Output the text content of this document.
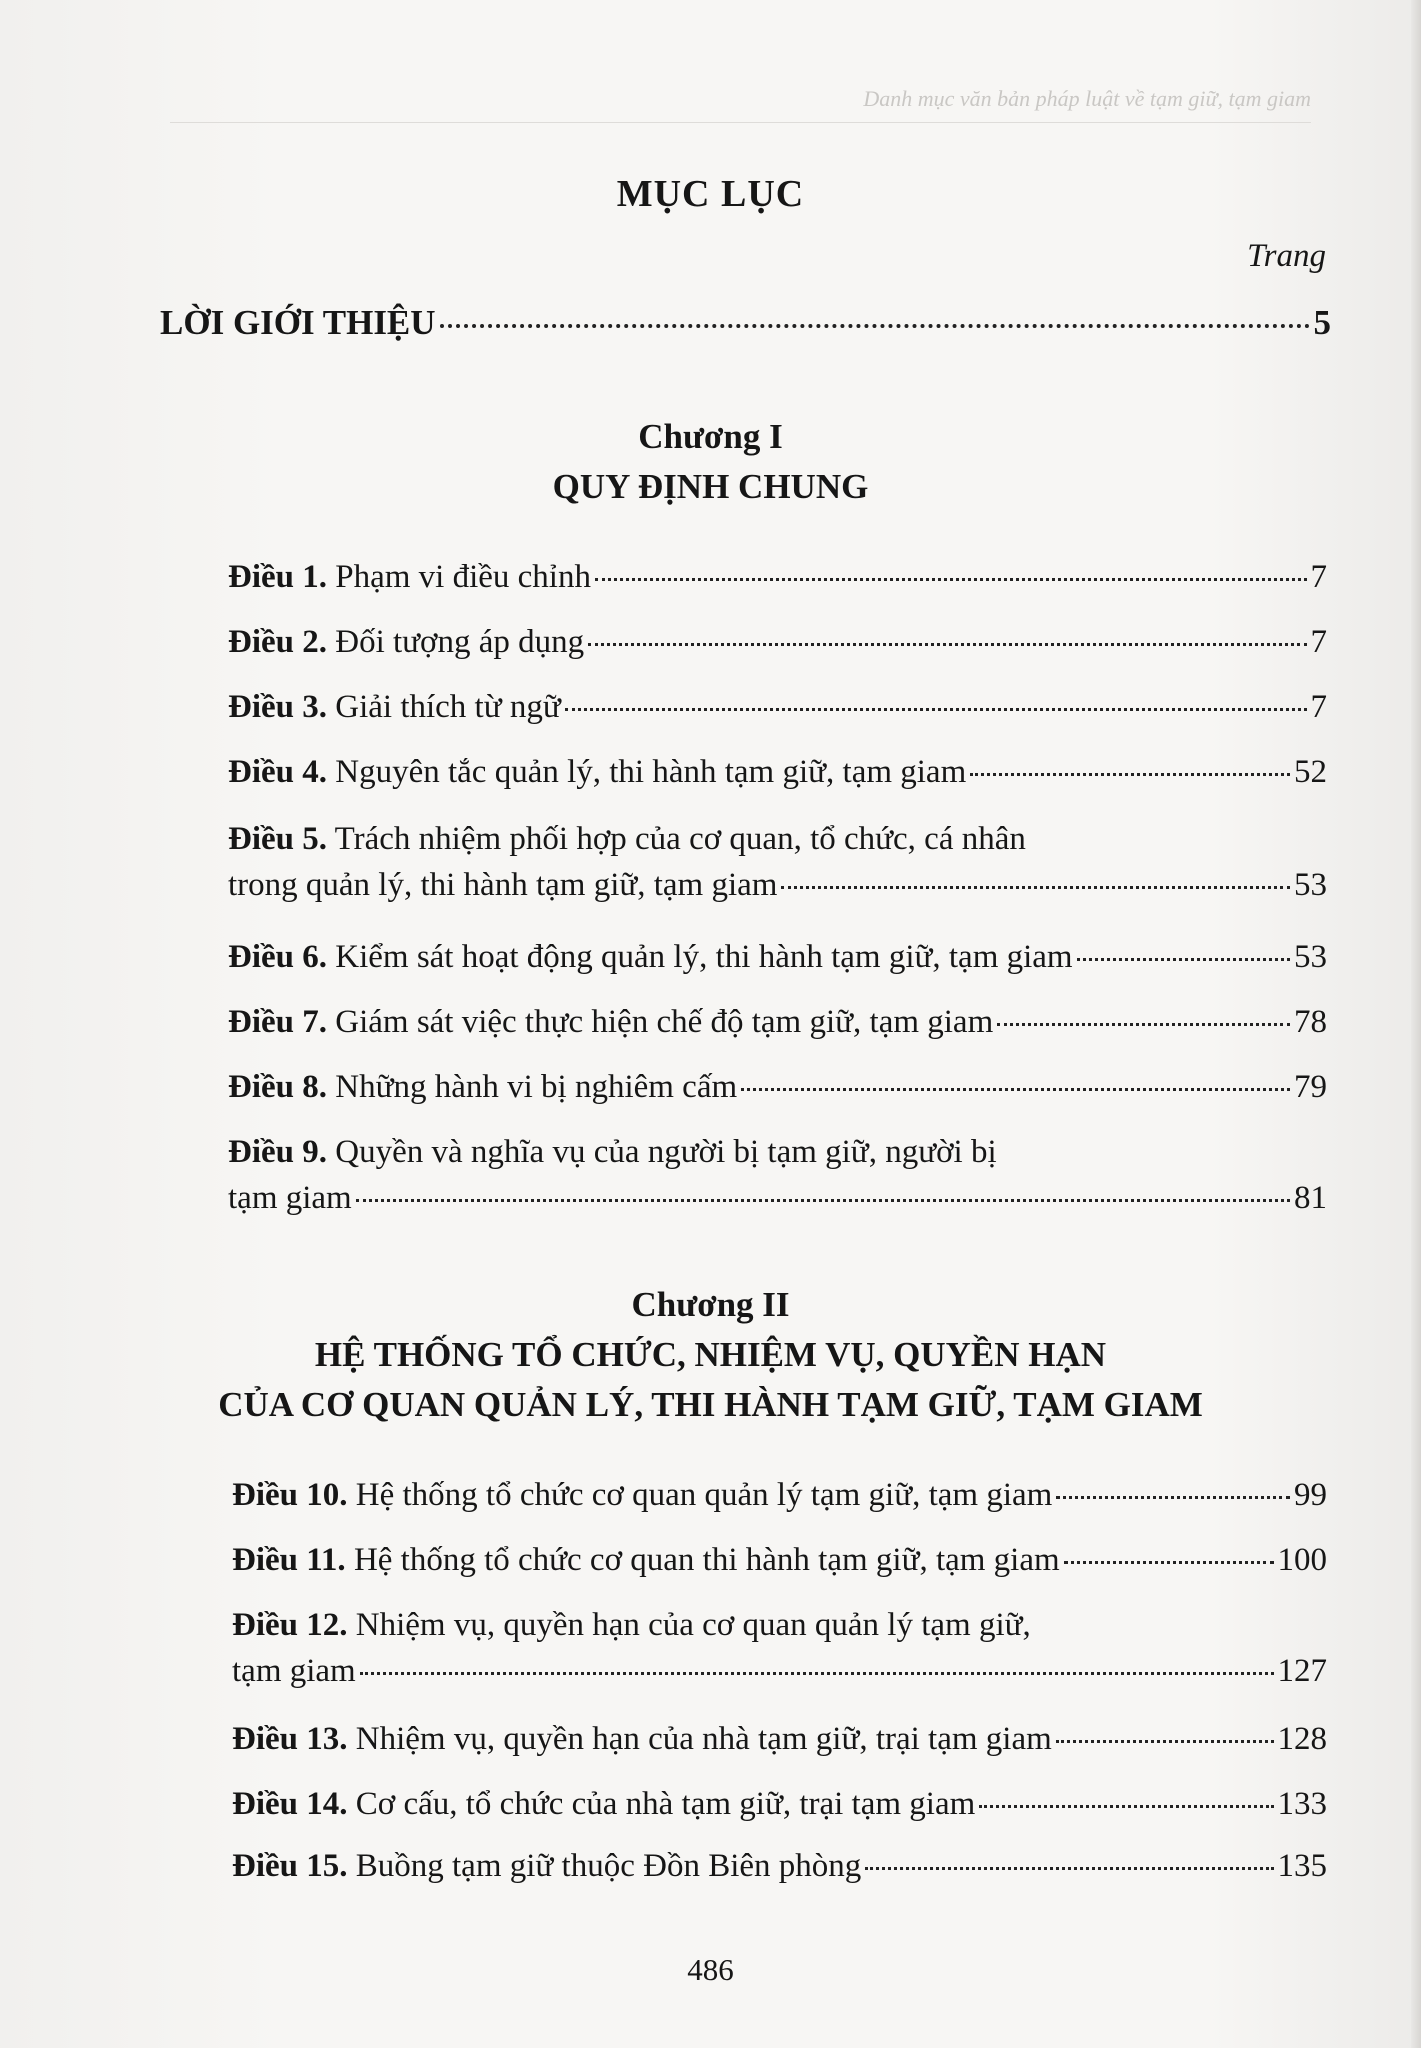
Danh mục văn bản pháp luật về tạm giữ, tạm giam
MỤC LỤC
Trang
LỜI GIỚI THIỆU	5
Chương I
QUY ĐỊNH CHUNG
Điều 1. Phạm vi điều chỉnh	7
Điều 2. Đối tượng áp dụng	7
Điều 3. Giải thích từ ngữ	7
Điều 4. Nguyên tắc quản lý, thi hành tạm giữ, tạm giam	52
Điều 5. Trách nhiệm phối hợp của cơ quan, tổ chức, cá nhân
trong quản lý, thi hành tạm giữ, tạm giam	53
Điều 6. Kiểm sát hoạt động quản lý, thi hành tạm giữ, tạm giam	53
Điều 7. Giám sát việc thực hiện chế độ tạm giữ, tạm giam	78
Điều 8. Những hành vi bị nghiêm cấm	79
Điều 9. Quyền và nghĩa vụ của người bị tạm giữ, người bị
tạm giam	81
Chương II
HỆ THỐNG TỔ CHỨC, NHIỆM VỤ, QUYỀN HẠN
CỦA CƠ QUAN QUẢN LÝ, THI HÀNH TẠM GIỮ, TẠM GIAM
Điều 10. Hệ thống tổ chức cơ quan quản lý tạm giữ, tạm giam	99
Điều 11. Hệ thống tổ chức cơ quan thi hành tạm giữ, tạm giam	100
Điều 12. Nhiệm vụ, quyền hạn của cơ quan quản lý tạm giữ,
tạm giam	127
Điều 13. Nhiệm vụ, quyền hạn của nhà tạm giữ, trại tạm giam	128
Điều 14. Cơ cấu, tổ chức của nhà tạm giữ, trại tạm giam	133
Điều 15. Buồng tạm giữ thuộc Đồn Biên phòng	135
486
